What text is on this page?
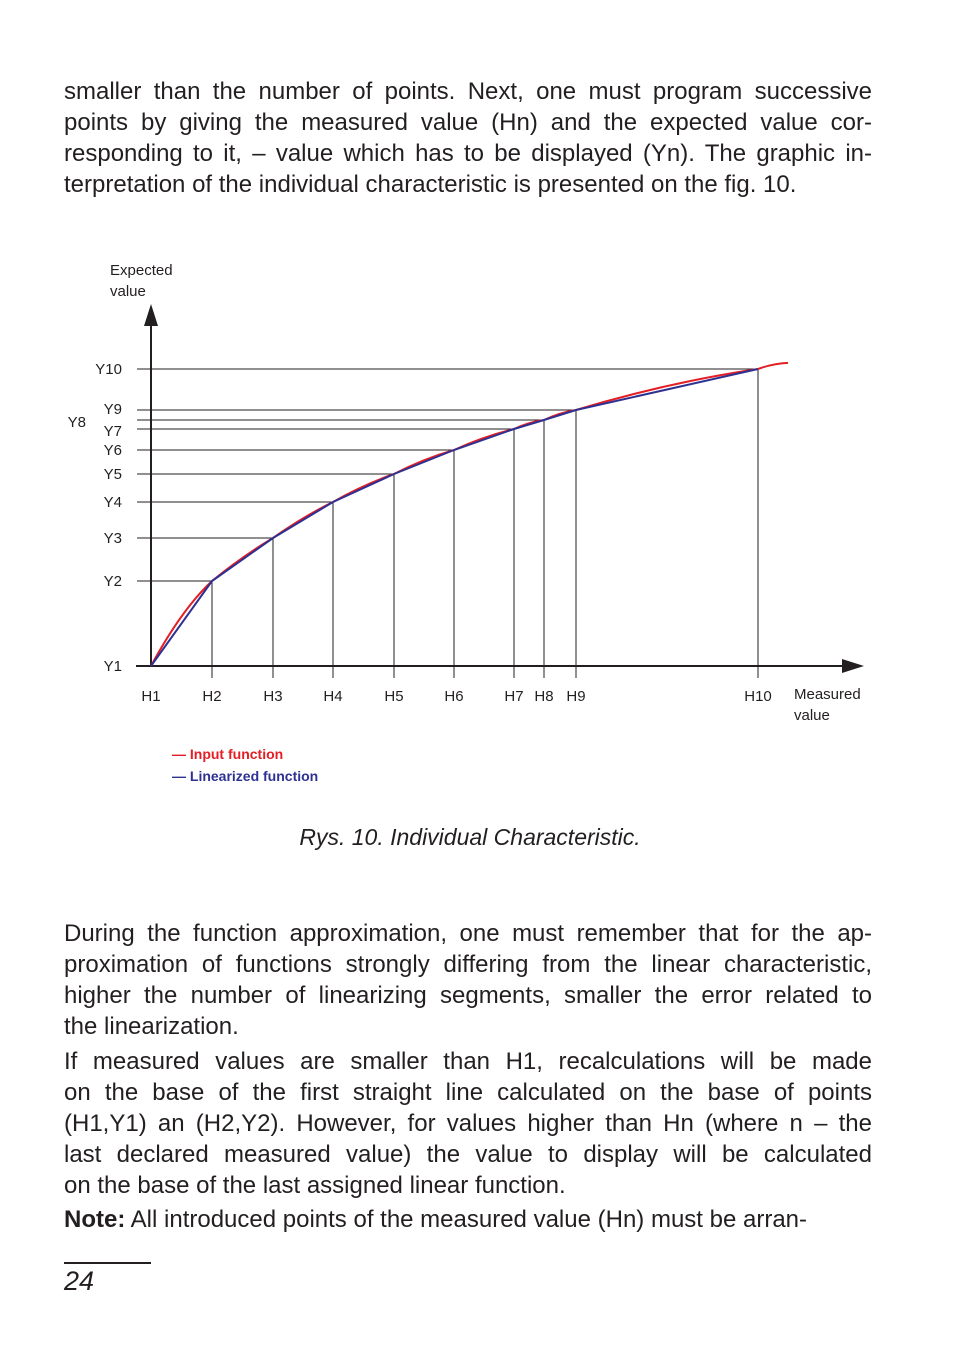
smaller than the number of points. Next, one must program successive
points by giving the measured value (Hn) and the expected value cor-
responding to it, – value which has to be displayed (Yn). The graphic in-
terpretation of the individual characteristic is presented on the fig. 10.
Expected
value
Measured
value
H1	H2	H3	H4	H5	H6	H7 H8 H9	H10
Y1
Y2
Y3
Y4
Y5
Y6
Y7
Y8
Y9
Y10
— Input function
— Linearized function
Rys. 10. Individual Characteristic.
During the function approximation, one must remember that for the ap-
proximation of functions strongly differing from the linear characteristic,
higher the number of linearizing segments, smaller the error related to
the linearization.
If measured values are smaller than H1, recalculations will be made
on the base of the first straight line calculated on the base of points
(H1,Y1) an (H2,Y2). However, for values higher than Hn (where n – the
last declared measured value) the value to display will be calculated
on the base of the last assigned linear function.
Note: All introduced points of the measured value (Hn) must be arran-
24
